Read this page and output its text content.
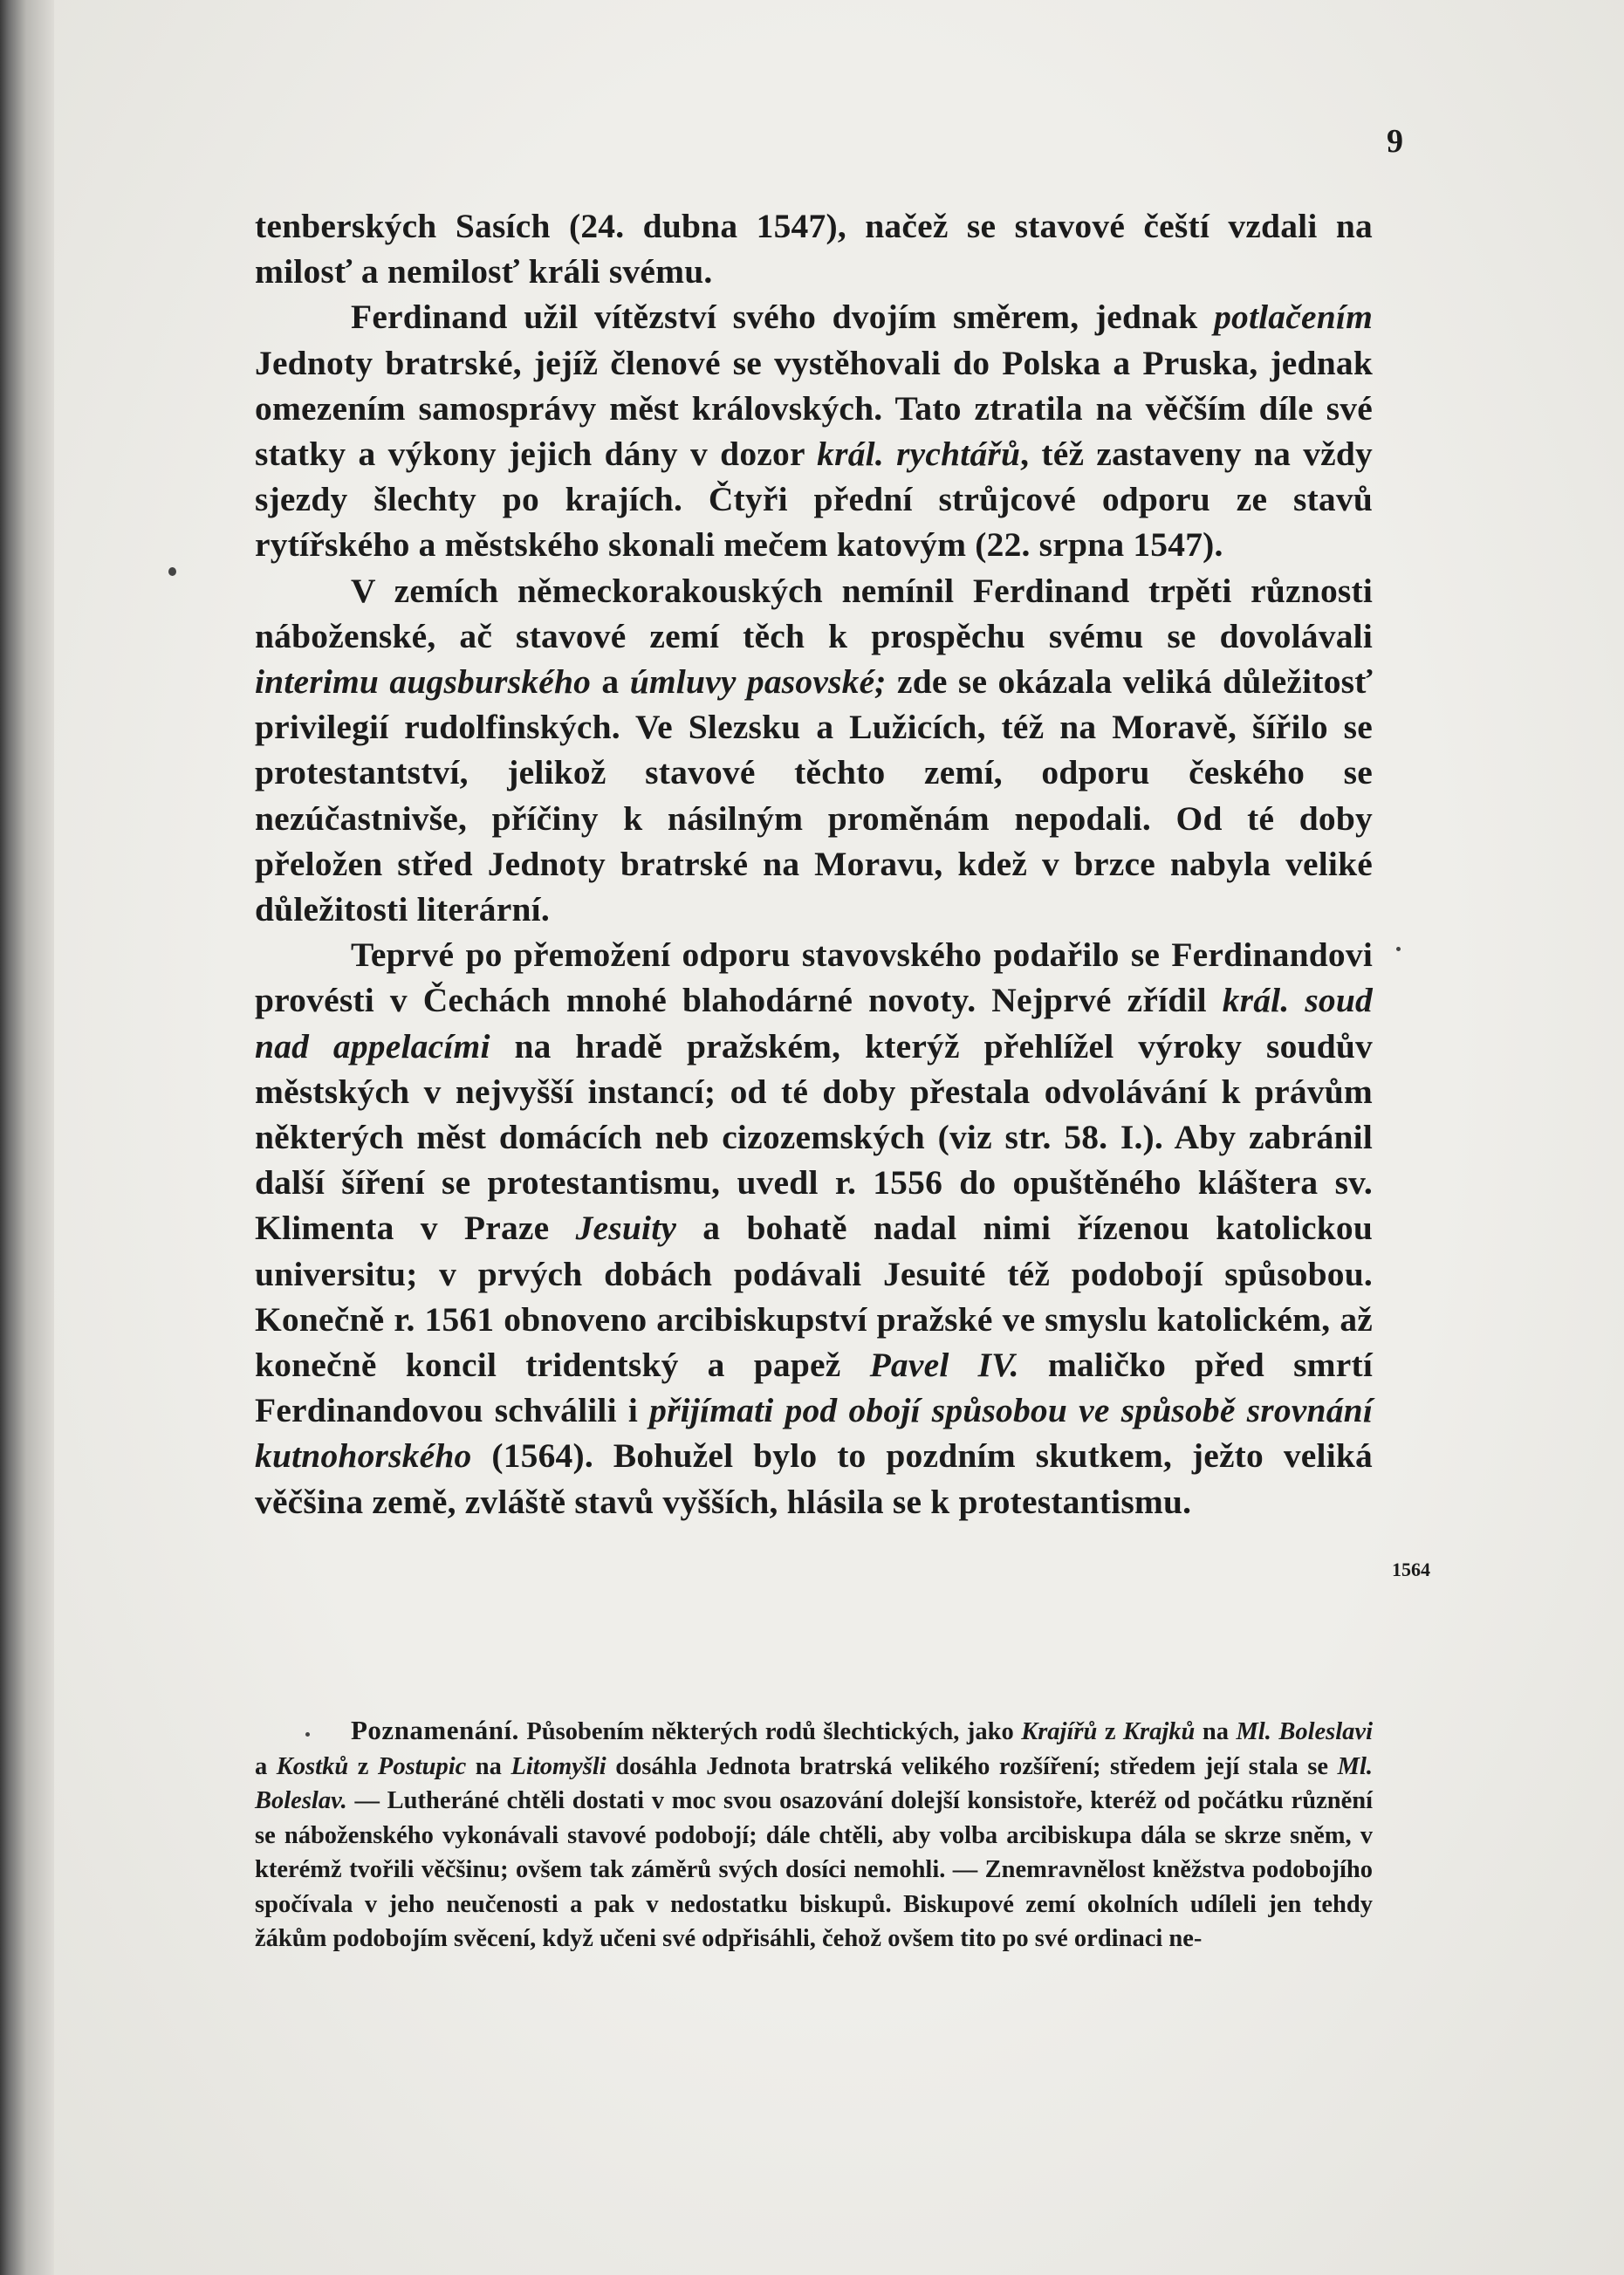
9

tenberských Sasích (24. dubna 1547), načež se stavové čeští vzdali na milosť a nemilosť králi svému.

Ferdinand užil vítězství svého dvojím směrem, jednak potlačením Jednoty bratrské, jejíž členové se vystěhovali do Polska a Pruska, jednak omezením samosprávy měst královských. Tato ztratila na věčším díle své statky a výkony jejich dány v dozor král. rychtářů, též zastaveny na vždy sjezdy šlechty po krajích. Čtyři přední strůjcové odporu ze stavů rytířského a městského skonali mečem katovým (22. srpna 1547).

V zemích německorakouských nemínil Ferdinand trpěti různosti náboženské, ač stavové zemí těch k prospěchu svému se dovolávali interimu augsburského a úmluvy pasovské; zde se okázala veliká důležitosť privilegií rudolfinských. Ve Slezsku a Lužicích, též na Moravě, šířilo se protestantství, jelikož stavové těchto zemí, odporu českého se nezúčastnivše, příčiny k násilným proměnám nepodali. Od té doby přeložen střed Jednoty bratrské na Moravu, kdež v brzce nabyla veliké důležitosti literární.

Teprvé po přemožení odporu stavovského podařilo se Ferdinandovi provésti v Čechách mnohé blahodárné novoty. Nejprvé zřídil král. soud nad appelacími na hradě pražském, kterýž přehlížel výroky soudův městských v nejvyšší instancí; od té doby přestala odvolávání k právům některých měst domácích neb cizozemských (viz str. 58. I.). Aby zabránil další šíření se protestantismu, uvedl r. 1556 do opuštěného kláštera sv. Klimenta v Praze Jesuity a bohatě nadal nimi řízenou katolickou universitu; v prvých dobách podávali Jesuité též podobojí spůsobou. Konečně r. 1561 obnoveno arcibiskupství pražské ve smyslu katolickém, až konečně koncil tridentský a papež Pavel IV. maličko před smrtí Ferdinandovou schválili i přijímati pod obojí spůsobou ve spůsobě srovnání kutnohorského (1564). Bohužel bylo to pozdním skutkem, ježto veliká věčšina země, zvláště stavů vyšších, hlásila se k protestantismu.

1564

Poznamenání. Působením některých rodů šlechtických, jako Krajířů z Krajků na Ml. Boleslavi a Kostků z Postupic na Litomyšli dosáhla Jednota bratrská velikého rozšíření; středem její stala se Ml. Boleslav. — Lutheráné chtěli dostati v moc svou osazování dolejší konsistoře, kteréž od počátku různění se náboženského vykonávali stavové podobojí; dále chtěli, aby volba arcibiskupa dála se skrze sněm, v kterémž tvořili věčšinu; ovšem tak záměrů svých dosíci nemohli. — Znemravnělost kněžstva podobojího spočívala v jeho neučenosti a pak v nedostatku biskupů. Biskupové zemí okolních udíleli jen tehdy žákům podobojím svěcení, když učeni své odpřisáhli, čehož ovšem tito po své ordinaci ne-
